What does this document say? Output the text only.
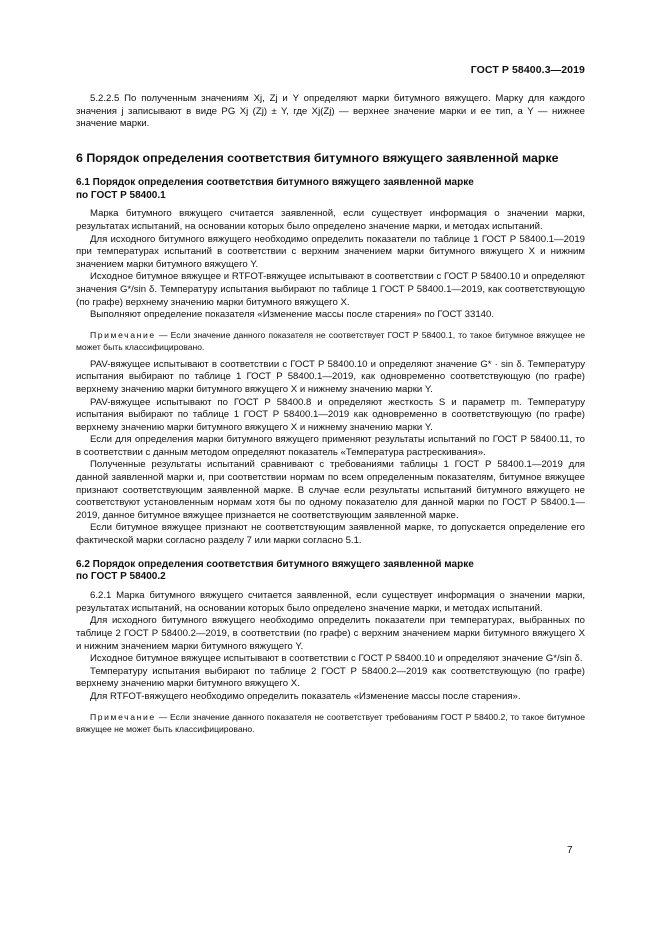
ГОСТ Р 58400.3—2019

5.2.2.5 По полученным значениям Xj, Zj и Y определяют марки битумного вяжущего. Марку для каждого значения j записывают в виде PG Xj (Zj) ± Y, где Xj(Zj) — верхнее значение марки и ее тип, а Y — нижнее значение марки.

6 Порядок определения соответствия битумного вяжущего заявленной марке
6.1 Порядок определения соответствия битумного вяжущего заявленной марке
по ГОСТ Р 58400.1

Марка битумного вяжущего считается заявленной, если существует информация о значении марки, результатах испытаний, на основании которых было определено значение марки, и методах испытаний.

Для исходного битумного вяжущего необходимо определить показатели по таблице 1 ГОСТ Р 58400.1—2019 при температурах испытаний в соответствии с верхним значением марки битумного вяжущего X и нижним значением марки битумного вяжущего Y.

Исходное битумное вяжущее и RTFOT-вяжущее испытывают в соответствии с ГОСТ Р 58400.10 и определяют значения G*/sin δ. Температуру испытания выбирают по таблице 1 ГОСТ Р 58400.1—2019, как соответствующую (по графе) верхнему значению марки битумного вяжущего X.

Выполняют определение показателя «Изменение массы после старения» по ГОСТ 33140.

Примечание — Если значение данного показателя не соответствует ГОСТ Р 58400.1, то такое битумное вяжущее не может быть классифицировано.

PAV-вяжущее испытывают в соответствии с ГОСТ Р 58400.10 и определяют значение G* · sin δ. Температуру испытания выбирают по таблице 1 ГОСТ Р 58400.1—2019, как одновременно соответствующую (по графе) верхнему значению марки битумного вяжущего X и нижнему значению марки Y.

PAV-вяжущее испытывают по ГОСТ Р 58400.8 и определяют жесткость S и параметр m. Температуру испытания выбирают по таблице 1 ГОСТ Р 58400.1—2019 как одновременно в соответствующую (по графе) верхнему значению марки битумного вяжущего X и нижнему значению марки Y.

Если для определения марки битумного вяжущего применяют результаты испытаний по ГОСТ Р 58400.11, то в соответствии с данным методом определяют показатель «Температура растрескивания».

Полученные результаты испытаний сравнивают с требованиями таблицы 1 ГОСТ Р 58400.1—2019 для данной заявленной марки и, при соответствии нормам по всем определенным показателям, битумное вяжущее признают соответствующим заявленной марке. В случае если результаты испытаний битумного вяжущего не соответствуют установленным нормам хотя бы по одному показателю для данной марки по ГОСТ Р 58400.1—2019, данное битумное вяжущее признается не соответствующим заявленной марке.

Если битумное вяжущее признают не соответствующим заявленной марке, то допускается определение его фактической марки согласно разделу 7 или марки согласно 5.1.

6.2 Порядок определения соответствия битумного вяжущего заявленной марке
по ГОСТ Р 58400.2

6.2.1 Марка битумного вяжущего считается заявленной, если существует информация о значении марки, результатах испытаний, на основании которых было определено значение марки, и методах испытаний.

Для исходного битумного вяжущего необходимо определить показатели при температурах, выбранных по таблице 2 ГОСТ Р 58400.2—2019, в соответствии (по графе) с верхним значением марки битумного вяжущего X и нижним значением марки битумного вяжущего Y.

Исходное битумное вяжущее испытывают в соответствии с ГОСТ Р 58400.10 и определяют значение G*/sin δ.

Температуру испытания выбирают по таблице 2 ГОСТ Р 58400.2—2019 как соответствующую (по графе) верхнему значению марки битумного вяжущего X.

Для RTFOT-вяжущего необходимо определить показатель «Изменение массы после старения».

Примечание — Если значение данного показателя не соответствует требованиям ГОСТ Р 58400.2, то такое битумное вяжущее не может быть классифицировано.

7
